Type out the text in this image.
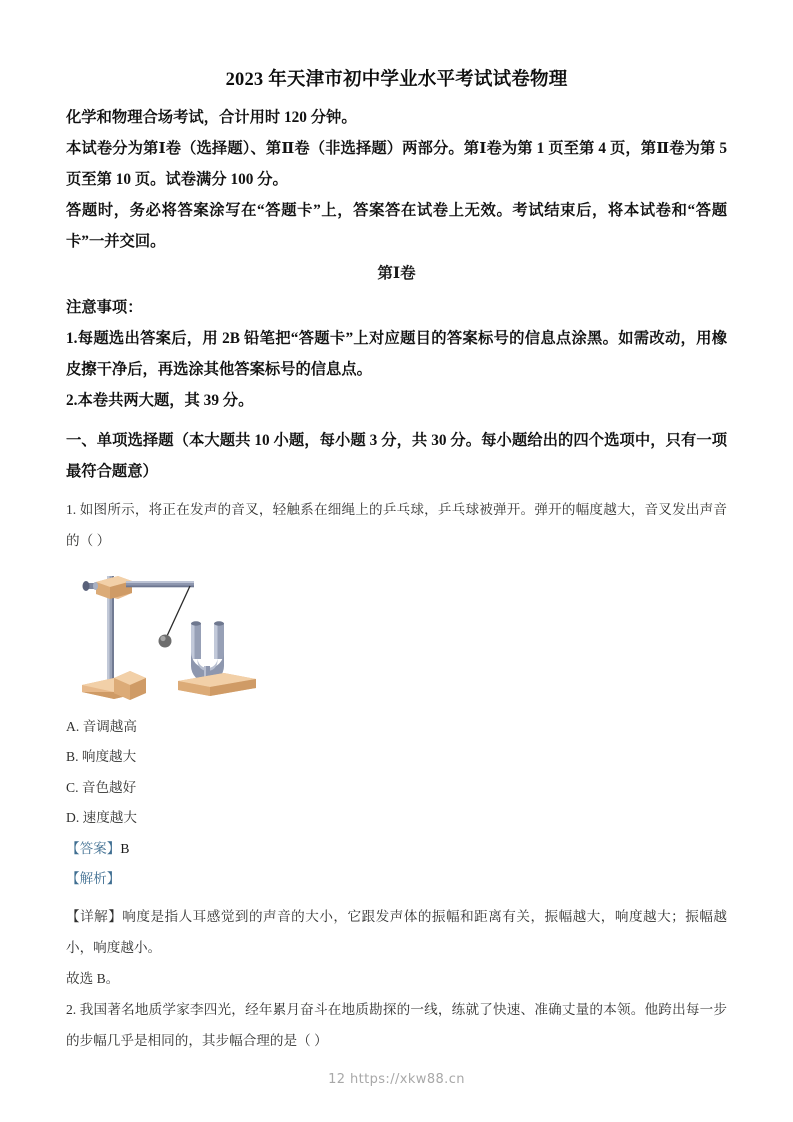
2023 年天津市初中学业水平考试试卷物理

化学和物理合场考试，合计用时 120 分钟。

本试卷分为第Ⅰ卷（选择题）、第Ⅱ卷（非选择题）两部分。第Ⅰ卷为第 1 页至第 4 页，第Ⅱ卷为第 5 页至第 10 页。试卷满分 100 分。

答题时，务必将答案涂写在“答题卡”上，答案答在试卷上无效。考试结束后，将本试卷和“答题卡”一并交回。

第Ⅰ卷

注意事项：

1.每题选出答案后，用 2B 铅笔把“答题卡”上对应题目的答案标号的信息点涂黑。如需改动，用橡皮擦干净后，再选涂其他答案标号的信息点。

2.本卷共两大题，其 39 分。

一、单项选择题（本大题共 10 小题，每小题 3 分，共 30 分。每小题给出的四个选项中，只有一项最符合题意）

1. 如图所示，将正在发声的音叉，轻触系在细绳上的乒乓球，乒乓球被弹开。弹开的幅度越大，音叉发出声音的（ ）

A. 音调越高

B. 响度越大

C. 音色越好

D. 速度越大

【答案】B

【解析】

【详解】响度是指人耳感觉到的声音的大小，它跟发声体的振幅和距离有关，振幅越大，响度越大；振幅越小，响度越小。

故选 B。

2. 我国著名地质学家李四光，经年累月奋斗在地质勘探的一线，练就了快速、准确丈量的本领。他跨出每一步的步幅几乎是相同的，其步幅合理的是（ ）

12 https://xkw88.cn
